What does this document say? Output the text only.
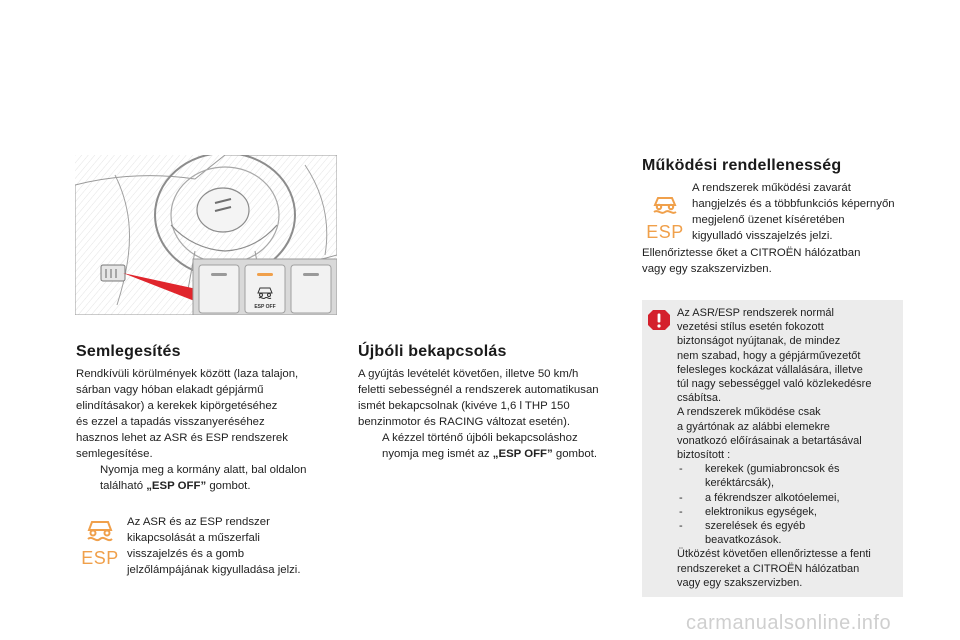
ESP OFF
Semlegesítés
Rendkívüli körülmények között (laza talajon,
sárban vagy hóban elakadt gépjármű
elindításakor) a kerekek kipörgetéséhez
és ezzel a tapadás visszanyeréséhez
hasznos lehet az ASR és ESP rendszerek
semlegesítése.
Nyomja meg a kormány alatt, bal oldalon
található „ESP OFF” gombot.
ESP
Az ASR és az ESP rendszer
kikapcsolását a műszerfali
visszajelzés és a gomb
jelzőlámpájának kigyulladása jelzi.
Újbóli bekapcsolás
A gyújtás levételét követően, illetve 50 km/h
feletti sebességnél a rendszerek automatikusan
ismét bekapcsolnak (kivéve 1,6 l THP 150
benzinmotor és RACING változat esetén).
A kézzel történő újbóli bekapcsoláshoz
nyomja meg ismét az „ESP OFF” gombot.
Működési rendellenesség
ESP
A rendszerek működési zavarát
hangjelzés és a többfunkciós képernyőn
megjelenő üzenet kíséretében
kigyulladó visszajelzés jelzi.
Ellenőriztesse őket a CITROËN hálózatban
vagy egy szakszervizben.
Az ASR/ESP rendszerek normál
vezetési stílus esetén fokozott
biztonságot nyújtanak, de mindez
nem szabad, hogy a gépjárművezetőt
felesleges kockázat vállalására, illetve
túl nagy sebességgel való közlekedésre
csábítsa.
A rendszerek működése csak
a gyártónak az alábbi elemekre
vonatkozó előírásainak a betartásával
biztosított :
- kerekek (gumiabroncsok és
keréktárcsák),
- a fékrendszer alkotóelemei,
- elektronikus egységek,
- szerelések és egyéb
beavatkozások.
Ütközést követően ellenőriztesse a fenti
rendszereket a CITROËN hálózatban
vagy egy szakszervizben.
carmanualsonline.info
